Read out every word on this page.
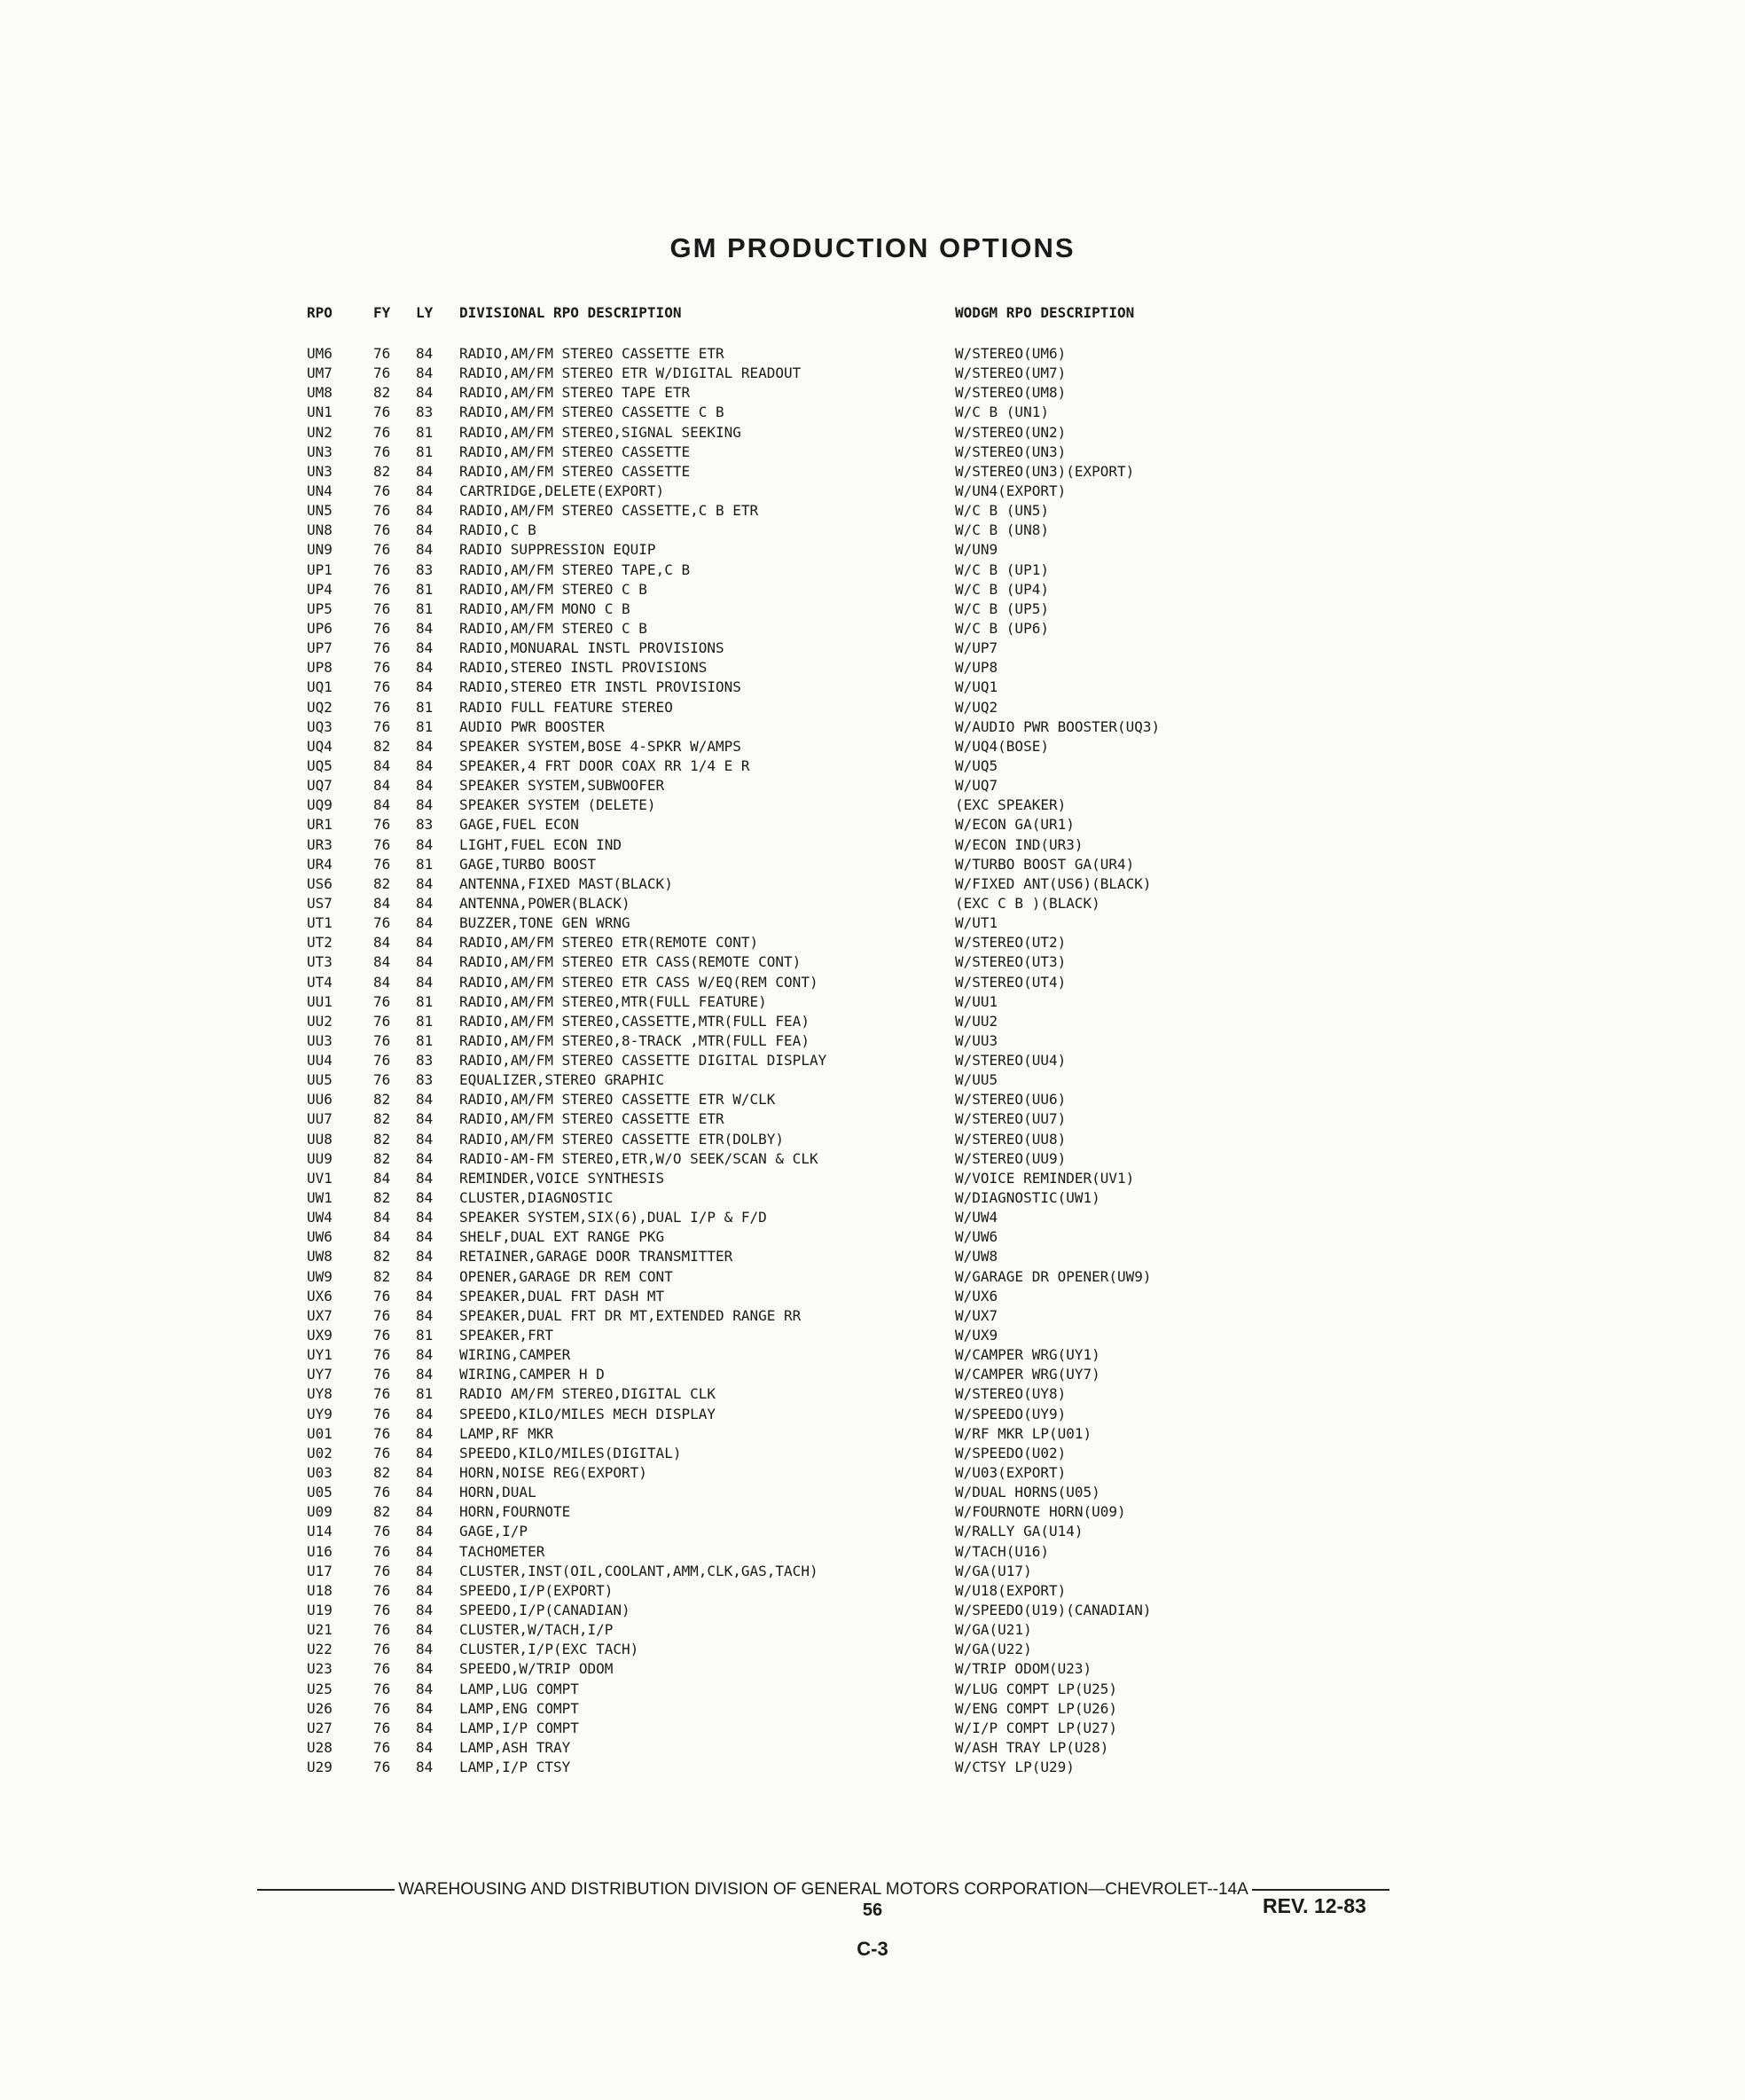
GM PRODUCTION OPTIONS
RPO	FY LY DIVISIONAL RPO DESCRIPTION	WODGM RPO DESCRIPTION
UM6	76 84 RADIO,AM/FM STEREO CASSETTE ETR	W/STEREO(UM6)
UM7	76 84 RADIO,AM/FM STEREO ETR W/DIGITAL READOUT	W/STEREO(UM7)
UM8	82 84 RADIO,AM/FM STEREO TAPE ETR	W/STEREO(UM8)
UN1	76 83 RADIO,AM/FM STEREO CASSETTE C B	W/C B (UN1)
UN2	76 81 RADIO,AM/FM STEREO,SIGNAL SEEKING	W/STEREO(UN2)
UN3	76 81 RADIO,AM/FM STEREO CASSETTE	W/STEREO(UN3)
UN3	82 84 RADIO,AM/FM STEREO CASSETTE	W/STEREO(UN3)(EXPORT)
UN4	76 84 CARTRIDGE,DELETE(EXPORT)	W/UN4(EXPORT)
UN5	76 84 RADIO,AM/FM STEREO CASSETTE,C B ETR	W/C B (UN5)
UN8	76 84 RADIO,C B	W/C B (UN8)
UN9	76 84 RADIO SUPPRESSION EQUIP	W/UN9
UP1	76 83 RADIO,AM/FM STEREO TAPE,C B	W/C B (UP1)
UP4	76 81 RADIO,AM/FM STEREO C B	W/C B (UP4)
UP5	76 81 RADIO,AM/FM MONO C B	W/C B (UP5)
UP6	76 84 RADIO,AM/FM STEREO C B	W/C B (UP6)
UP7	76 84 RADIO,MONUARAL INSTL PROVISIONS	W/UP7
UP8	76 84 RADIO,STEREO INSTL PROVISIONS	W/UP8
UQ1	76 84 RADIO,STEREO ETR INSTL PROVISIONS	W/UQ1
UQ2	76 81 RADIO FULL FEATURE STEREO	W/UQ2
UQ3	76 81 AUDIO PWR BOOSTER	W/AUDIO PWR BOOSTER(UQ3)
UQ4	82 84 SPEAKER SYSTEM,BOSE 4-SPKR W/AMPS	W/UQ4(BOSE)
UQ5	84 84 SPEAKER,4 FRT DOOR COAX RR 1/4 E R	W/UQ5
UQ7	84 84 SPEAKER SYSTEM,SUBWOOFER	W/UQ7
UQ9	84 84 SPEAKER SYSTEM (DELETE)	(EXC SPEAKER)
UR1	76 83 GAGE,FUEL ECON	W/ECON GA(UR1)
UR3	76 84 LIGHT,FUEL ECON IND	W/ECON IND(UR3)
UR4	76 81 GAGE,TURBO BOOST	W/TURBO BOOST GA(UR4)
US6	82 84 ANTENNA,FIXED MAST(BLACK)	W/FIXED ANT(US6)(BLACK)
US7	84 84 ANTENNA,POWER(BLACK)	(EXC C B )(BLACK)
UT1	76 84 BUZZER,TONE GEN WRNG	W/UT1
UT2	84 84 RADIO,AM/FM STEREO ETR(REMOTE CONT)	W/STEREO(UT2)
UT3	84 84 RADIO,AM/FM STEREO ETR CASS(REMOTE CONT)	W/STEREO(UT3)
UT4	84 84 RADIO,AM/FM STEREO ETR CASS W/EQ(REM CONT)	W/STEREO(UT4)
UU1	76 81 RADIO,AM/FM STEREO,MTR(FULL FEATURE)	W/UU1
UU2	76 81 RADIO,AM/FM STEREO,CASSETTE,MTR(FULL FEA)	W/UU2
UU3	76 81 RADIO,AM/FM STEREO,8-TRACK ,MTR(FULL FEA)	W/UU3
UU4	76 83 RADIO,AM/FM STEREO CASSETTE DIGITAL DISPLAY	W/STEREO(UU4)
UU5	76 83 EQUALIZER,STEREO GRAPHIC	W/UU5
UU6	82 84 RADIO,AM/FM STEREO CASSETTE ETR W/CLK	W/STEREO(UU6)
UU7	82 84 RADIO,AM/FM STEREO CASSETTE ETR	W/STEREO(UU7)
UU8	82 84 RADIO,AM/FM STEREO CASSETTE ETR(DOLBY)	W/STEREO(UU8)
UU9	82 84 RADIO-AM-FM STEREO,ETR,W/O SEEK/SCAN & CLK	W/STEREO(UU9)
UV1	84 84 REMINDER,VOICE SYNTHESIS	W/VOICE REMINDER(UV1)
UW1	82 84 CLUSTER,DIAGNOSTIC	W/DIAGNOSTIC(UW1)
UW4	84 84 SPEAKER SYSTEM,SIX(6),DUAL I/P & F/D	W/UW4
UW6	84 84 SHELF,DUAL EXT RANGE PKG	W/UW6
UW8	82 84 RETAINER,GARAGE DOOR TRANSMITTER	W/UW8
UW9	82 84 OPENER,GARAGE DR REM CONT	W/GARAGE DR OPENER(UW9)
UX6	76 84 SPEAKER,DUAL FRT DASH MT	W/UX6
UX7	76 84 SPEAKER,DUAL FRT DR MT,EXTENDED RANGE RR	W/UX7
UX9	76 81 SPEAKER,FRT	W/UX9
UY1	76 84 WIRING,CAMPER	W/CAMPER WRG(UY1)
UY7	76 84 WIRING,CAMPER H D	W/CAMPER WRG(UY7)
UY8	76 81 RADIO AM/FM STEREO,DIGITAL CLK	W/STEREO(UY8)
UY9	76 84 SPEEDO,KILO/MILES MECH DISPLAY	W/SPEEDO(UY9)
U01	76 84 LAMP,RF MKR	W/RF MKR LP(U01)
U02	76 84 SPEEDO,KILO/MILES(DIGITAL)	W/SPEEDO(U02)
U03	82 84 HORN,NOISE REG(EXPORT)	W/U03(EXPORT)
U05	76 84 HORN,DUAL	W/DUAL HORNS(U05)
U09	82 84 HORN,FOURNOTE	W/FOURNOTE HORN(U09)
U14	76 84 GAGE,I/P	W/RALLY GA(U14)
U16	76 84 TACHOMETER	W/TACH(U16)
U17	76 84 CLUSTER,INST(OIL,COOLANT,AMM,CLK,GAS,TACH)	W/GA(U17)
U18	76 84 SPEEDO,I/P(EXPORT)	W/U18(EXPORT)
U19	76 84 SPEEDO,I/P(CANADIAN)	W/SPEEDO(U19)(CANADIAN)
U21	76 84 CLUSTER,W/TACH,I/P	W/GA(U21)
U22	76 84 CLUSTER,I/P(EXC TACH)	W/GA(U22)
U23	76 84 SPEEDO,W/TRIP ODOM	W/TRIP ODOM(U23)
U25	76 84 LAMP,LUG COMPT	W/LUG COMPT LP(U25)
U26	76 84 LAMP,ENG COMPT	W/ENG COMPT LP(U26)
U27	76 84 LAMP,I/P COMPT	W/I/P COMPT LP(U27)
U28	76 84 LAMP,ASH TRAY	W/ASH TRAY LP(U28)
U29	76 84 LAMP,I/P CTSY	W/CTSY LP(U29)
WAREHOUSING AND DISTRIBUTION DIVISION OF GENERAL MOTORS CORPORATION—CHEVROLET--14A
56	REV. 12-83
C-3
